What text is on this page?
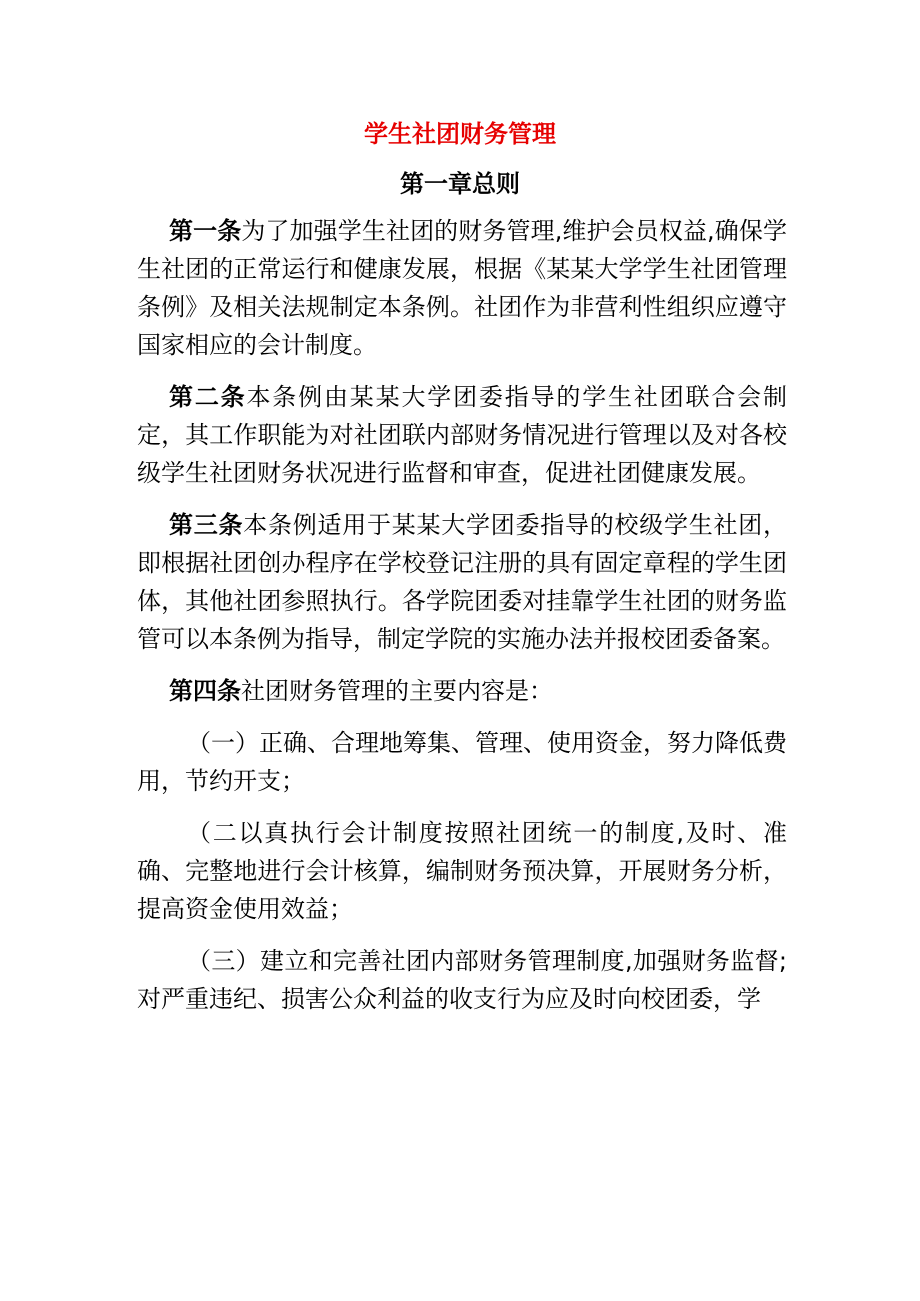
学生社团财务管理
第一章总则

第一条为了加强学生社团的财务管理,维护会员权益,确保学生社团的正常运行和健康发展，根据《某某大学学生社团管理条例》及相关法规制定本条例。社团作为非营利性组织应遵守国家相应的会计制度。

第二条本条例由某某大学团委指导的学生社团联合会制定，其工作职能为对社团联内部财务情况进行管理以及对各校级学生社团财务状况进行监督和审查，促进社团健康发展。

第三条本条例适用于某某大学团委指导的校级学生社团，即根据社团创办程序在学校登记注册的具有固定章程的学生团体，其他社团参照执行。各学院团委对挂靠学生社团的财务监管可以本条例为指导，制定学院的实施办法并报校团委备案。

第四条社团财务管理的主要内容是：

（一）正确、合理地筹集、管理、使用资金，努力降低费用，节约开支；

（二以真执行会计制度按照社团统一的制度,及时、准确、完整地进行会计核算，编制财务预决算，开展财务分析，提高资金使用效益；

（三）建立和完善社团内部财务管理制度,加强财务监督;对严重违纪、损害公众利益的收支行为应及时向校团委，学
